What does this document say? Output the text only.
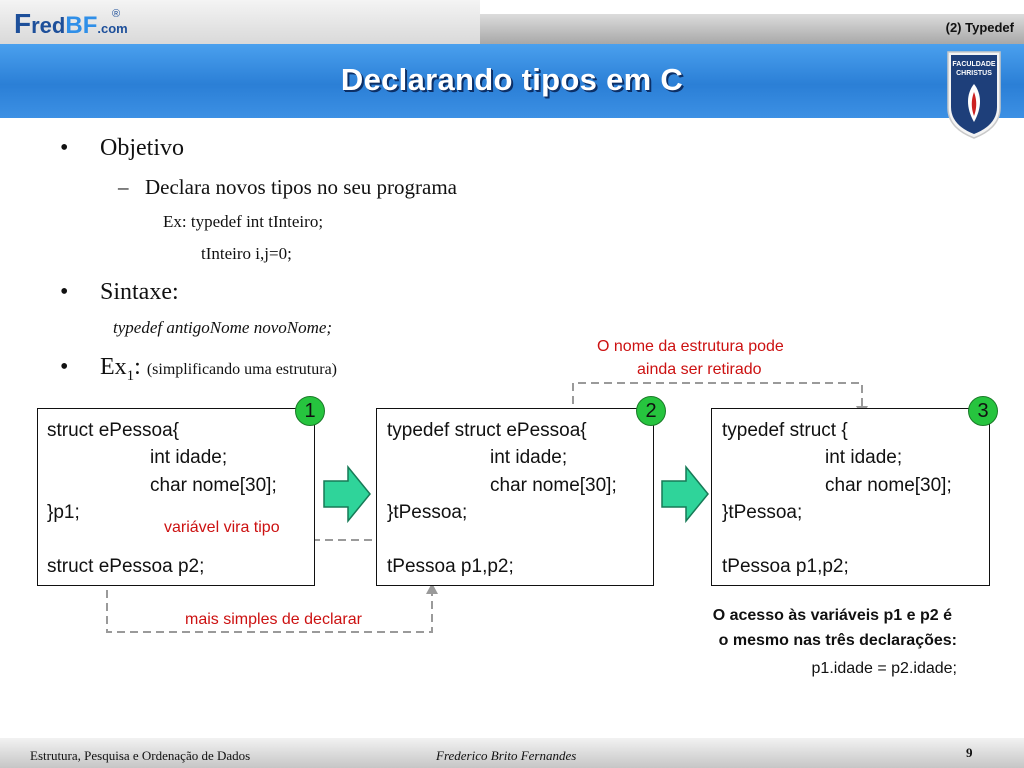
FredBF.com
®
(2) Typedef
Declarando tipos em C	FACULDADE
CHRISTUS
• Objetivo
– Declara novos tipos no seu programa
Ex: typedef int tInteiro;
tInteiro i,j=0;
• Sintaxe:
typedef antigoNome novoNome;
• $Ex_1$: (simplificando uma estrutura)
O nome da estrutura pode
ainda ser retirado
struct ePessoa{
int idade;
char nome[30];
}p1;
struct ePessoa p2;
1
typedef struct ePessoa{
int idade;
char nome[30];
}tPessoa;
tPessoa p1,p2;
2
typedef struct {
int idade;
char nome[30];
}tPessoa;
tPessoa p1,p2;
3
variável vira tipo
mais simples de declarar	O acesso às variáveis p1 e p2 é
o mesmo nas três declarações:
p1.idade = p2.idade;
Estrutura, Pesquisa e Ordenação de Dados	Frederico Brito Fernandes	9
